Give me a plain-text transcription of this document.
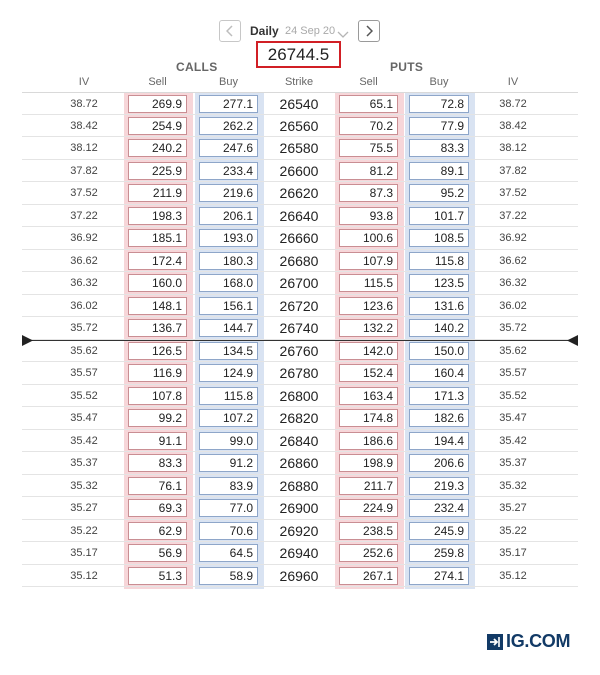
Daily 24 Sep 20
26744.5
CALLS	PUTS
IV	Sell	Buy	Strike	Sell	Buy	IV
38.72	269.9	277.1	26540	65.1	72.8	38.72
38.42	254.9	262.2	26560	70.2	77.9	38.42
38.12	240.2	247.6	26580	75.5	83.3	38.12
37.82	225.9	233.4	26600	81.2	89.1	37.82
37.52	211.9	219.6	26620	87.3	95.2	37.52
37.22	198.3	206.1	26640	93.8	101.7	37.22
36.92	185.1	193.0	26660	100.6	108.5	36.92
36.62	172.4	180.3	26680	107.9	115.8	36.62
36.32	160.0	168.0	26700	115.5	123.5	36.32
36.02	148.1	156.1	26720	123.6	131.6	36.02
35.72	136.7	144.7	26740	132.2	140.2	35.72
35.62	126.5	134.5	26760	142.0	150.0	35.62
35.57	116.9	124.9	26780	152.4	160.4	35.57
35.52	107.8	115.8	26800	163.4	171.3	35.52
35.47	99.2	107.2	26820	174.8	182.6	35.47
35.42	91.1	99.0	26840	186.6	194.4	35.42
35.37	83.3	91.2	26860	198.9	206.6	35.37
35.32	76.1	83.9	26880	211.7	219.3	35.32
35.27	69.3	77.0	26900	224.9	232.4	35.27
35.22	62.9	70.6	26920	238.5	245.9	35.22
35.17	56.9	64.5	26940	252.6	259.8	35.17
35.12	51.3	58.9	26960	267.1	274.1	35.12
IG.COM
